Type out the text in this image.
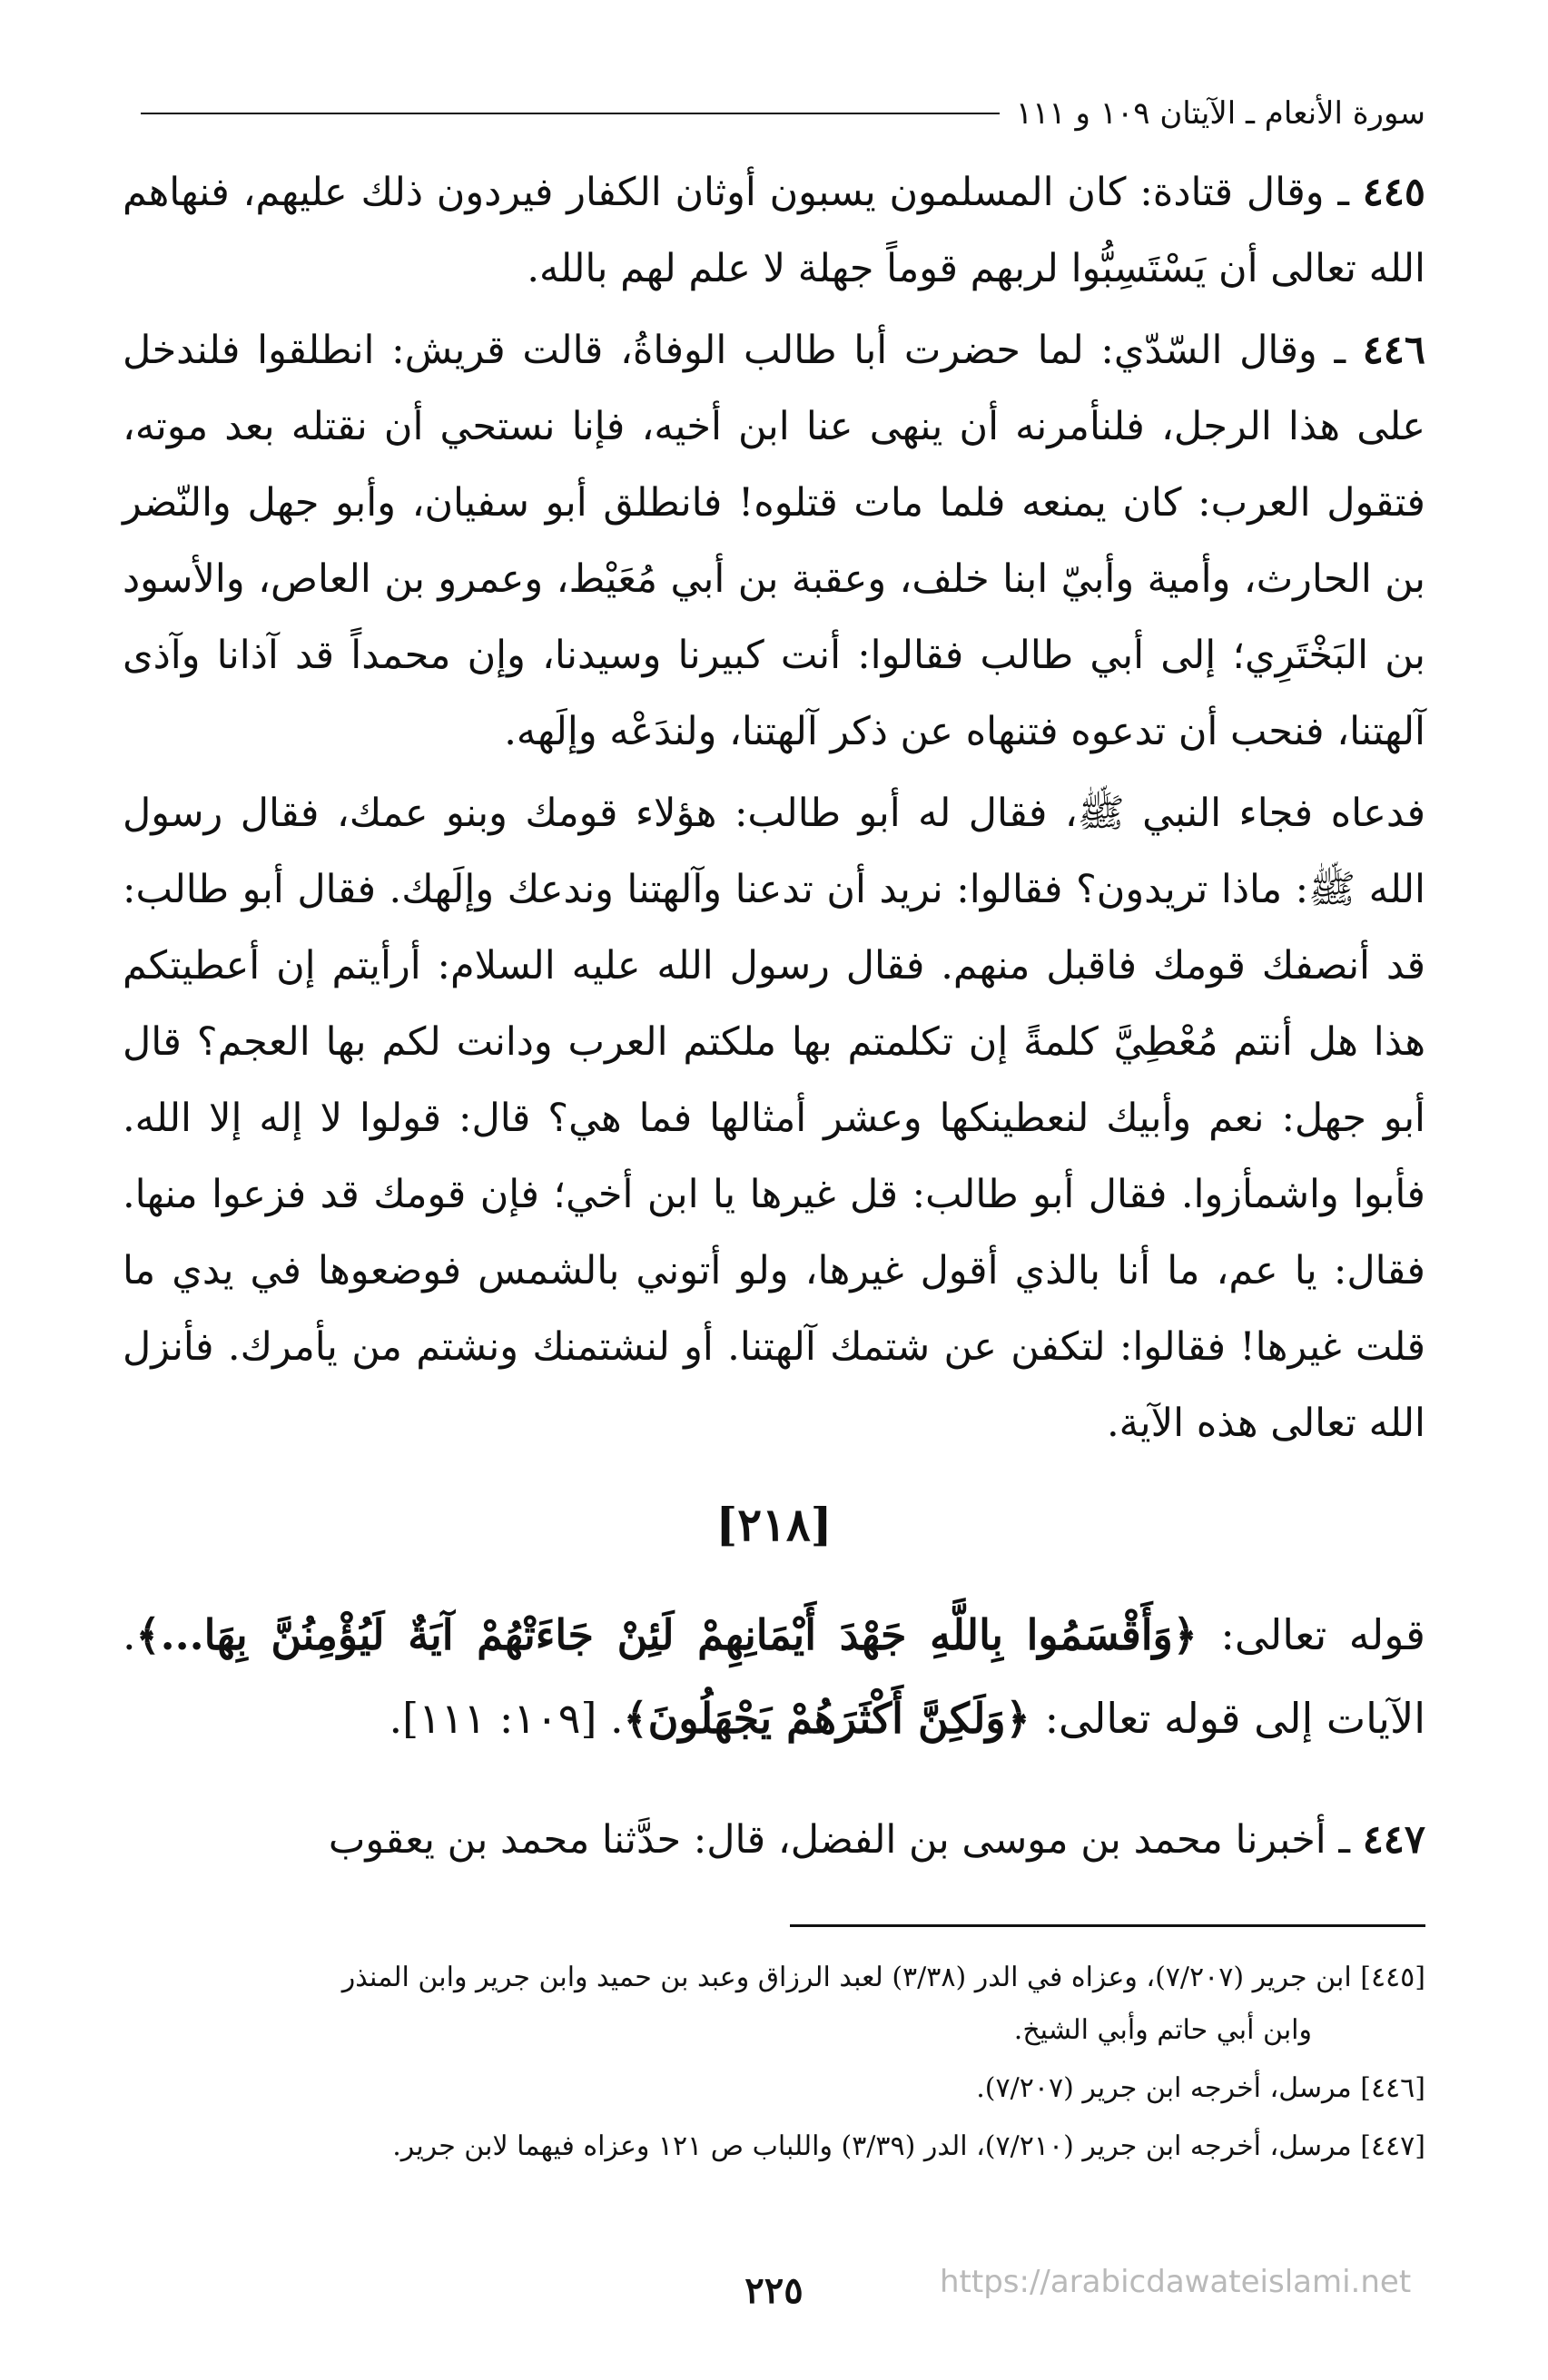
سورة الأنعام ـ الآيتان ١٠٩ و ١١١

٤٤٥ ـ وقال قتادة: كان المسلمون يسبون أوثان الكفار فيردون ذلك عليهم، فنهاهم الله تعالى أن يَسْتَسِبُّوا لربهم قوماً جهلة لا علم لهم بالله.

٤٤٦ ـ وقال السّدّي: لما حضرت أبا طالب الوفاةُ، قالت قريش: انطلقوا فلندخل على هذا الرجل، فلنأمرنه أن ينهى عنا ابن أخيه، فإنا نستحي أن نقتله بعد موته، فتقول العرب: كان يمنعه فلما مات قتلوه! فانطلق أبو سفيان، وأبو جهل والنّضر بن الحارث، وأمية وأبيّ ابنا خلف، وعقبة بن أبي مُعَيْط، وعمرو بن العاص، والأسود بن البَخْتَرِي؛ إلى أبي طالب فقالوا: أنت كبيرنا وسيدنا، وإن محمداً قد آذانا وآذى آلهتنا، فنحب أن تدعوه فتنهاه عن ذكر آلهتنا، ولندَعْه وإلَهه.

فدعاه فجاء النبي ﷺ، فقال له أبو طالب: هؤلاء قومك وبنو عمك، فقال رسول الله ﷺ: ماذا تريدون؟ فقالوا: نريد أن تدعنا وآلهتنا وندعك وإلَهك. فقال أبو طالب: قد أنصفك قومك فاقبل منهم. فقال رسول الله عليه السلام: أرأيتم إن أعطيتكم هذا هل أنتم مُعْطِيَّ كلمةً إن تكلمتم بها ملكتم العرب ودانت لكم بها العجم؟ قال أبو جهل: نعم وأبيك لنعطينكها وعشر أمثالها فما هي؟ قال: قولوا لا إله إلا الله. فأبوا واشمأزوا. فقال أبو طالب: قل غيرها يا ابن أخي؛ فإن قومك قد فزعوا منها. فقال: يا عم، ما أنا بالذي أقول غيرها، ولو أتوني بالشمس فوضعوها في يدي ما قلت غيرها! فقالوا: لتكفن عن شتمك آلهتنا. أو لنشتمنك ونشتم من يأمرك. فأنزل الله تعالى هذه الآية.

[٢١٨]

قوله تعالى: ﴿وَأَقْسَمُوا بِاللَّهِ جَهْدَ أَيْمَانِهِمْ لَئِنْ جَاءَتْهُمْ آيَةٌ لَيُؤْمِنُنَّ بِهَا...﴾. الآيات إلى قوله تعالى: ﴿وَلَكِنَّ أَكْثَرَهُمْ يَجْهَلُونَ﴾. [١٠٩: ١١١].

٤٤٧ ـ أخبرنا محمد بن موسى بن الفضل، قال: حدَّثنا محمد بن يعقوب

[٤٤٥] ابن جرير (٧/٢٠٧)، وعزاه في الدر (٣/٣٨) لعبد الرزاق وعبد بن حميد وابن جرير وابن المنذر
وابن أبي حاتم وأبي الشيخ.

[٤٤٦] مرسل، أخرجه ابن جرير (٧/٢٠٧).

[٤٤٧] مرسل، أخرجه ابن جرير (٧/٢١٠)، الدر (٣/٣٩) واللباب ص ١٢١ وعزاه فيهما لابن جرير.

٢٢٥	https://arabicdawateislami.net
